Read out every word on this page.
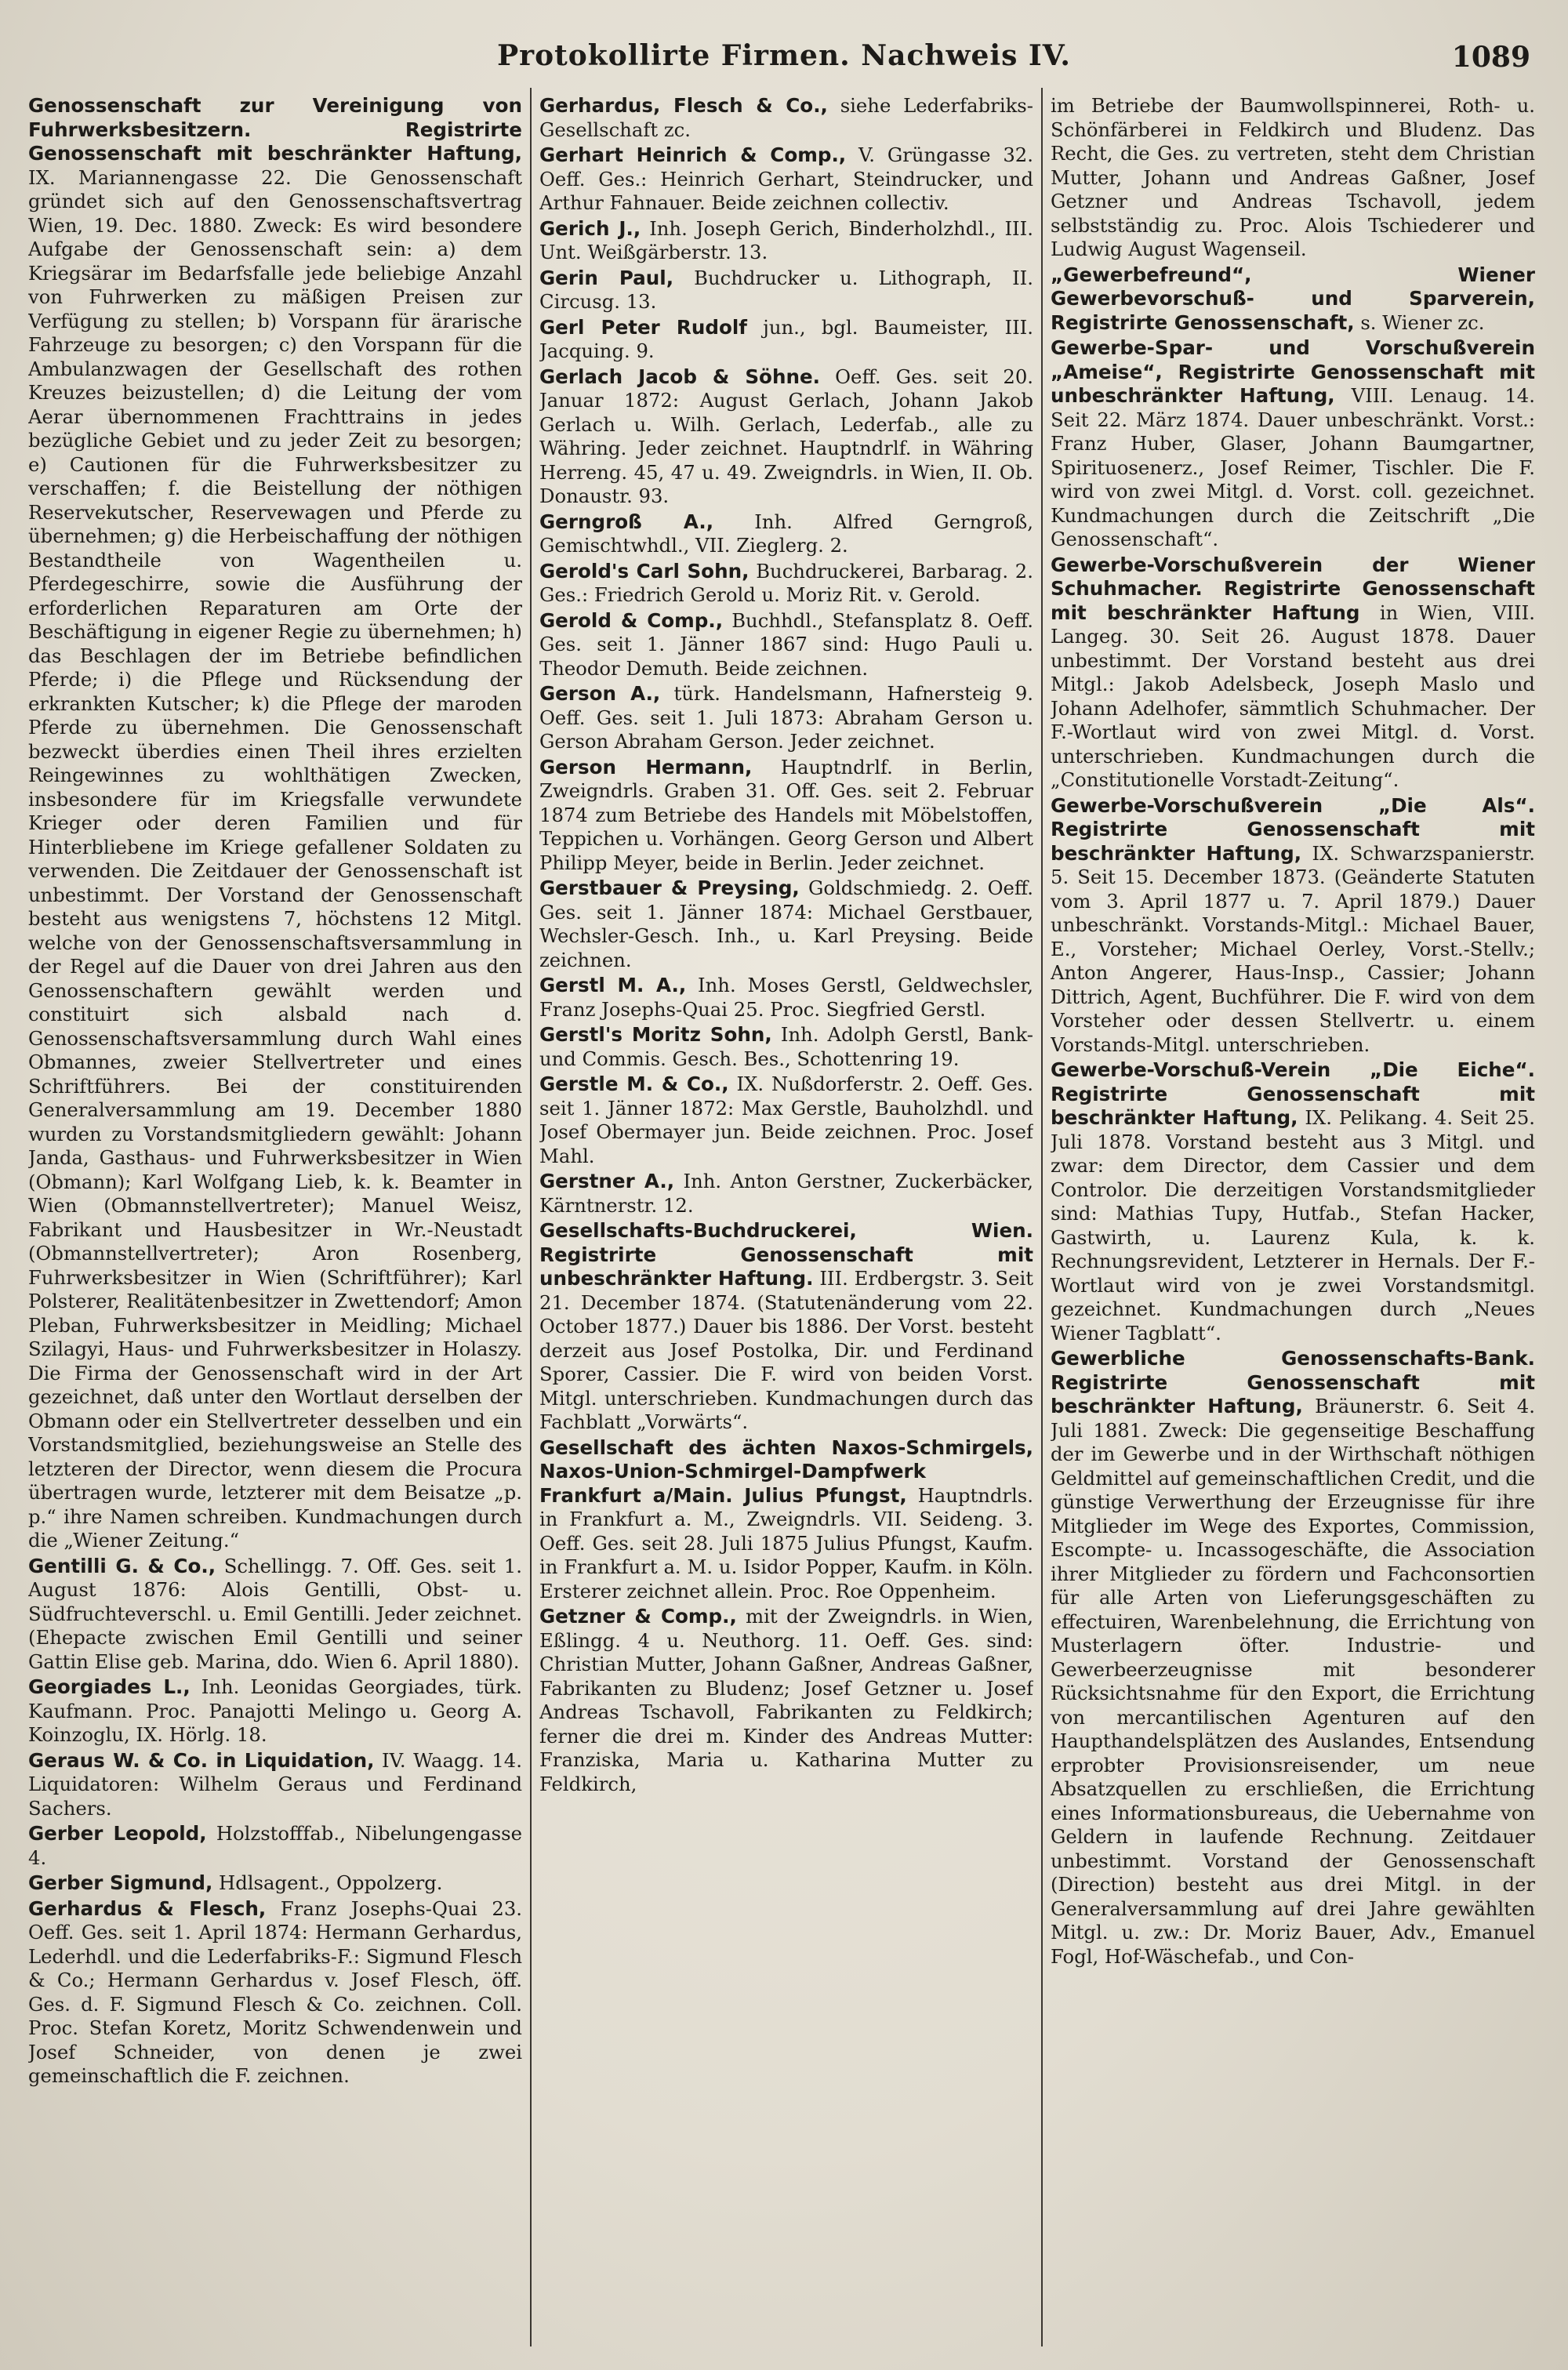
Protokollirte Firmen. Nachweis IV.	1089

Genossenschaft zur Vereinigung von Fuhrwerksbesitzern. Registrirte Genossenschaft mit beschränkter Haftung, IX. Mariannengasse 22. Die Genossenschaft gründet sich auf den Genossenschaftsvertrag Wien, 19. Dec. 1880. Zweck: Es wird besondere Aufgabe der Genossenschaft sein: a) dem Kriegsärar im Bedarfsfalle jede beliebige Anzahl von Fuhrwerken zu mäßigen Preisen zur Verfügung zu stellen; b) Vorspann für ärarische Fahrzeuge zu besorgen; c) den Vorspann für die Ambulanzwagen der Gesellschaft des rothen Kreuzes beizustellen; d) die Leitung der vom Aerar übernommenen Frachttrains in jedes bezügliche Gebiet und zu jeder Zeit zu besorgen; e) Cautionen für die Fuhrwerksbesitzer zu verschaffen; f. die Beistellung der nöthigen Reservekutscher, Reservewagen und Pferde zu übernehmen; g) die Herbeischaffung der nöthigen Bestandtheile von Wagentheilen u. Pferdegeschirre, sowie die Ausführung der erforderlichen Reparaturen am Orte der Beschäftigung in eigener Regie zu übernehmen; h) das Beschlagen der im Betriebe befindlichen Pferde; i) die Pflege und Rücksendung der erkrankten Kutscher; k) die Pflege der maroden Pferde zu übernehmen. Die Genossenschaft bezweckt überdies einen Theil ihres erzielten Reingewinnes zu wohlthätigen Zwecken, insbesondere für im Kriegsfalle verwundete Krieger oder deren Familien und für Hinterbliebene im Kriege gefallener Soldaten zu verwenden. Die Zeitdauer der Genossenschaft ist unbestimmt. Der Vorstand der Genossenschaft besteht aus wenigstens 7, höchstens 12 Mitgl. welche von der Genossenschaftsversammlung in der Regel auf die Dauer von drei Jahren aus den Genossenschaftern gewählt werden und constituirt sich alsbald nach d. Genossenschaftsversammlung durch Wahl eines Obmannes, zweier Stellvertreter und eines Schriftführers. Bei der constituirenden Generalversammlung am 19. December 1880 wurden zu Vorstandsmitgliedern gewählt: Johann Janda, Gasthaus- und Fuhrwerksbesitzer in Wien (Obmann); Karl Wolfgang Lieb, k. k. Beamter in Wien (Obmannstellvertreter); Manuel Weisz, Fabrikant und Hausbesitzer in Wr.-Neustadt (Obmannstellvertreter); Aron Rosenberg, Fuhrwerksbesitzer in Wien (Schriftführer); Karl Polsterer, Realitätenbesitzer in Zwettendorf; Amon Pleban, Fuhrwerksbesitzer in Meidling; Michael Szilagyi, Haus- und Fuhrwerksbesitzer in Holaszy. Die Firma der Genossenschaft wird in der Art gezeichnet, daß unter den Wortlaut derselben der Obmann oder ein Stellvertreter desselben und ein Vorstandsmitglied, beziehungsweise an Stelle des letzteren der Director, wenn diesem die Procura übertragen wurde, letzterer mit dem Beisatze „p. p.“ ihre Namen schreiben. Kundmachungen durch die „Wiener Zeitung.“

Gentilli G. & Co., Schellingg. 7. Off. Ges. seit 1. August 1876: Alois Gentilli, Obst- u. Südfruchteverschl. u. Emil Gentilli. Jeder zeichnet. (Ehepacte zwischen Emil Gentilli und seiner Gattin Elise geb. Marina, ddo. Wien 6. April 1880).

Georgiades L., Inh. Leonidas Georgiades, türk. Kaufmann. Proc. Panajotti Melingo u. Georg A. Koinzoglu, IX. Hörlg. 18.

Geraus W. & Co. in Liquidation, IV. Waagg. 14. Liquidatoren: Wilhelm Geraus und Ferdinand Sachers.

Gerber Leopold, Holzstofffab., Nibelungengasse 4.

Gerber Sigmund, Hdlsagent., Oppolzerg.

Gerhardus & Flesch, Franz Josephs-Quai 23. Oeff. Ges. seit 1. April 1874: Hermann Gerhardus, Lederhdl. und die Lederfabriks-F.: Sigmund Flesch & Co.; Hermann Gerhardus v. Josef Flesch, öff. Ges. d. F. Sigmund Flesch & Co. zeichnen. Coll. Proc. Stefan Koretz, Moritz Schwendenwein und Josef Schneider, von denen je zwei gemeinschaftlich die F. zeichnen.

Gerhardus, Flesch & Co., siehe Lederfabriks-Gesellschaft zc.

Gerhart Heinrich & Comp., V. Grüngasse 32. Oeff. Ges.: Heinrich Gerhart, Steindrucker, und Arthur Fahnauer. Beide zeichnen collectiv.

Gerich J., Inh. Joseph Gerich, Binderholzhdl., III. Unt. Weißgärberstr. 13.

Gerin Paul, Buchdrucker u. Lithograph, II. Circusg. 13.

Gerl Peter Rudolf jun., bgl. Baumeister, III. Jacquing. 9.

Gerlach Jacob & Söhne. Oeff. Ges. seit 20. Januar 1872: August Gerlach, Johann Jakob Gerlach u. Wilh. Gerlach, Lederfab., alle zu Währing. Jeder zeichnet. Hauptndrlf. in Währing Herreng. 45, 47 u. 49. Zweigndrls. in Wien, II. Ob. Donaustr. 93.

Gerngroß A., Inh. Alfred Gerngroß, Gemischtwhdl., VII. Zieglerg. 2.

Gerold's Carl Sohn, Buchdruckerei, Barbarag. 2. Ges.: Friedrich Gerold u. Moriz Rit. v. Gerold.

Gerold & Comp., Buchhdl., Stefansplatz 8. Oeff. Ges. seit 1. Jänner 1867 sind: Hugo Pauli u. Theodor Demuth. Beide zeichnen.

Gerson A., türk. Handelsmann, Hafnersteig 9. Oeff. Ges. seit 1. Juli 1873: Abraham Gerson u. Gerson Abraham Gerson. Jeder zeichnet.

Gerson Hermann, Hauptndrlf. in Berlin, Zweigndrls. Graben 31. Off. Ges. seit 2. Februar 1874 zum Betriebe des Handels mit Möbelstoffen, Teppichen u. Vorhängen. Georg Gerson und Albert Philipp Meyer, beide in Berlin. Jeder zeichnet.

Gerstbauer & Preysing, Goldschmiedg. 2. Oeff. Ges. seit 1. Jänner 1874: Michael Gerstbauer, Wechsler-Gesch. Inh., u. Karl Preysing. Beide zeichnen.

Gerstl M. A., Inh. Moses Gerstl, Geldwechsler, Franz Josephs-Quai 25. Proc. Siegfried Gerstl.

Gerstl's Moritz Sohn, Inh. Adolph Gerstl, Bank- und Commis. Gesch. Bes., Schottenring 19.

Gerstle M. & Co., IX. Nußdorferstr. 2. Oeff. Ges. seit 1. Jänner 1872: Max Gerstle, Bauholzhdl. und Josef Obermayer jun. Beide zeichnen. Proc. Josef Mahl.

Gerstner A., Inh. Anton Gerstner, Zuckerbäcker, Kärntnerstr. 12.

Gesellschafts-Buchdruckerei, Wien. Registrirte Genossenschaft mit unbeschränkter Haftung. III. Erdbergstr. 3. Seit 21. December 1874. (Statutenänderung vom 22. October 1877.) Dauer bis 1886. Der Vorst. besteht derzeit aus Josef Postolka, Dir. und Ferdinand Sporer, Cassier. Die F. wird von beiden Vorst. Mitgl. unterschrieben. Kundmachungen durch das Fachblatt „Vorwärts“.

Gesellschaft des ächten Naxos-Schmirgels, Naxos-Union-Schmirgel-Dampfwerk Frankfurt a/Main. Julius Pfungst, Hauptndrls. in Frankfurt a. M., Zweigndrls. VII. Seideng. 3. Oeff. Ges. seit 28. Juli 1875 Julius Pfungst, Kaufm. in Frankfurt a. M. u. Isidor Popper, Kaufm. in Köln. Ersterer zeichnet allein. Proc. Roe Oppenheim.

Getzner & Comp., mit der Zweigndrls. in Wien, Eßlingg. 4 u. Neuthorg. 11. Oeff. Ges. sind: Christian Mutter, Johann Gaßner, Andreas Gaßner, Fabrikanten zu Bludenz; Josef Getzner u. Josef Andreas Tschavoll, Fabrikanten zu Feldkirch; ferner die drei m. Kinder des Andreas Mutter: Franziska, Maria u. Katharina Mutter zu Feldkirch,

im Betriebe der Baumwollspinnerei, Roth- u. Schönfärberei in Feldkirch und Bludenz. Das Recht, die Ges. zu vertreten, steht dem Christian Mutter, Johann und Andreas Gaßner, Josef Getzner und Andreas Tschavoll, jedem selbstständig zu. Proc. Alois Tschiederer und Ludwig August Wagenseil.

„Gewerbefreund“, Wiener Gewerbevorschuß- und Sparverein, Registrirte Genossenschaft, s. Wiener zc.

Gewerbe-Spar- und Vorschußverein „Ameise“, Registrirte Genossenschaft mit unbeschränkter Haftung, VIII. Lenaug. 14. Seit 22. März 1874. Dauer unbeschränkt. Vorst.: Franz Huber, Glaser, Johann Baumgartner, Spirituosenerz., Josef Reimer, Tischler. Die F. wird von zwei Mitgl. d. Vorst. coll. gezeichnet. Kundmachungen durch die Zeitschrift „Die Genossenschaft“.

Gewerbe-Vorschußverein der Wiener Schuhmacher. Registrirte Genossenschaft mit beschränkter Haftung in Wien, VIII. Langeg. 30. Seit 26. August 1878. Dauer unbestimmt. Der Vorstand besteht aus drei Mitgl.: Jakob Adelsbeck, Joseph Maslo und Johann Adelhofer, sämmtlich Schuhmacher. Der F.-Wortlaut wird von zwei Mitgl. d. Vorst. unterschrieben. Kundmachungen durch die „Constitutionelle Vorstadt-Zeitung“.

Gewerbe-Vorschußverein „Die Als“. Registrirte Genossenschaft mit beschränkter Haftung, IX. Schwarzspanierstr. 5. Seit 15. December 1873. (Geänderte Statuten vom 3. April 1877 u. 7. April 1879.) Dauer unbeschränkt. Vorstands-Mitgl.: Michael Bauer, E., Vorsteher; Michael Oerley, Vorst.-Stellv.; Anton Angerer, Haus-Insp., Cassier; Johann Dittrich, Agent, Buchführer. Die F. wird von dem Vorsteher oder dessen Stellvertr. u. einem Vorstands-Mitgl. unterschrieben.

Gewerbe-Vorschuß-Verein „Die Eiche“. Registrirte Genossenschaft mit beschränkter Haftung, IX. Pelikang. 4. Seit 25. Juli 1878. Vorstand besteht aus 3 Mitgl. und zwar: dem Director, dem Cassier und dem Controlor. Die derzeitigen Vorstandsmitglieder sind: Mathias Tupy, Hutfab., Stefan Hacker, Gastwirth, u. Laurenz Kula, k. k. Rechnungsrevident, Letzterer in Hernals. Der F.-Wortlaut wird von je zwei Vorstandsmitgl. gezeichnet. Kundmachungen durch „Neues Wiener Tagblatt“.

Gewerbliche Genossenschafts-Bank. Registrirte Genossenschaft mit beschränkter Haftung, Bräunerstr. 6. Seit 4. Juli 1881. Zweck: Die gegenseitige Beschaffung der im Gewerbe und in der Wirthschaft nöthigen Geldmittel auf gemeinschaftlichen Credit, und die günstige Verwerthung der Erzeugnisse für ihre Mitglieder im Wege des Exportes, Commission, Escompte- u. Incassogeschäfte, die Association ihrer Mitglieder zu fördern und Fachconsortien für alle Arten von Lieferungsgeschäften zu effectuiren, Warenbelehnung, die Errichtung von Musterlagern öfter. Industrie- und Gewerbeerzeugnisse mit besonderer Rücksichtsnahme für den Export, die Errichtung von mercantilischen Agenturen auf den Haupthandelsplätzen des Auslandes, Entsendung erprobter Provisionsreisender, um neue Absatzquellen zu erschließen, die Errichtung eines Informationsbureaus, die Uebernahme von Geldern in laufende Rechnung. Zeitdauer unbestimmt. Vorstand der Genossenschaft (Direction) besteht aus drei Mitgl. in der Generalversammlung auf drei Jahre gewählten Mitgl. u. zw.: Dr. Moriz Bauer, Adv., Emanuel Fogl, Hof-Wäschefab., und Con-
